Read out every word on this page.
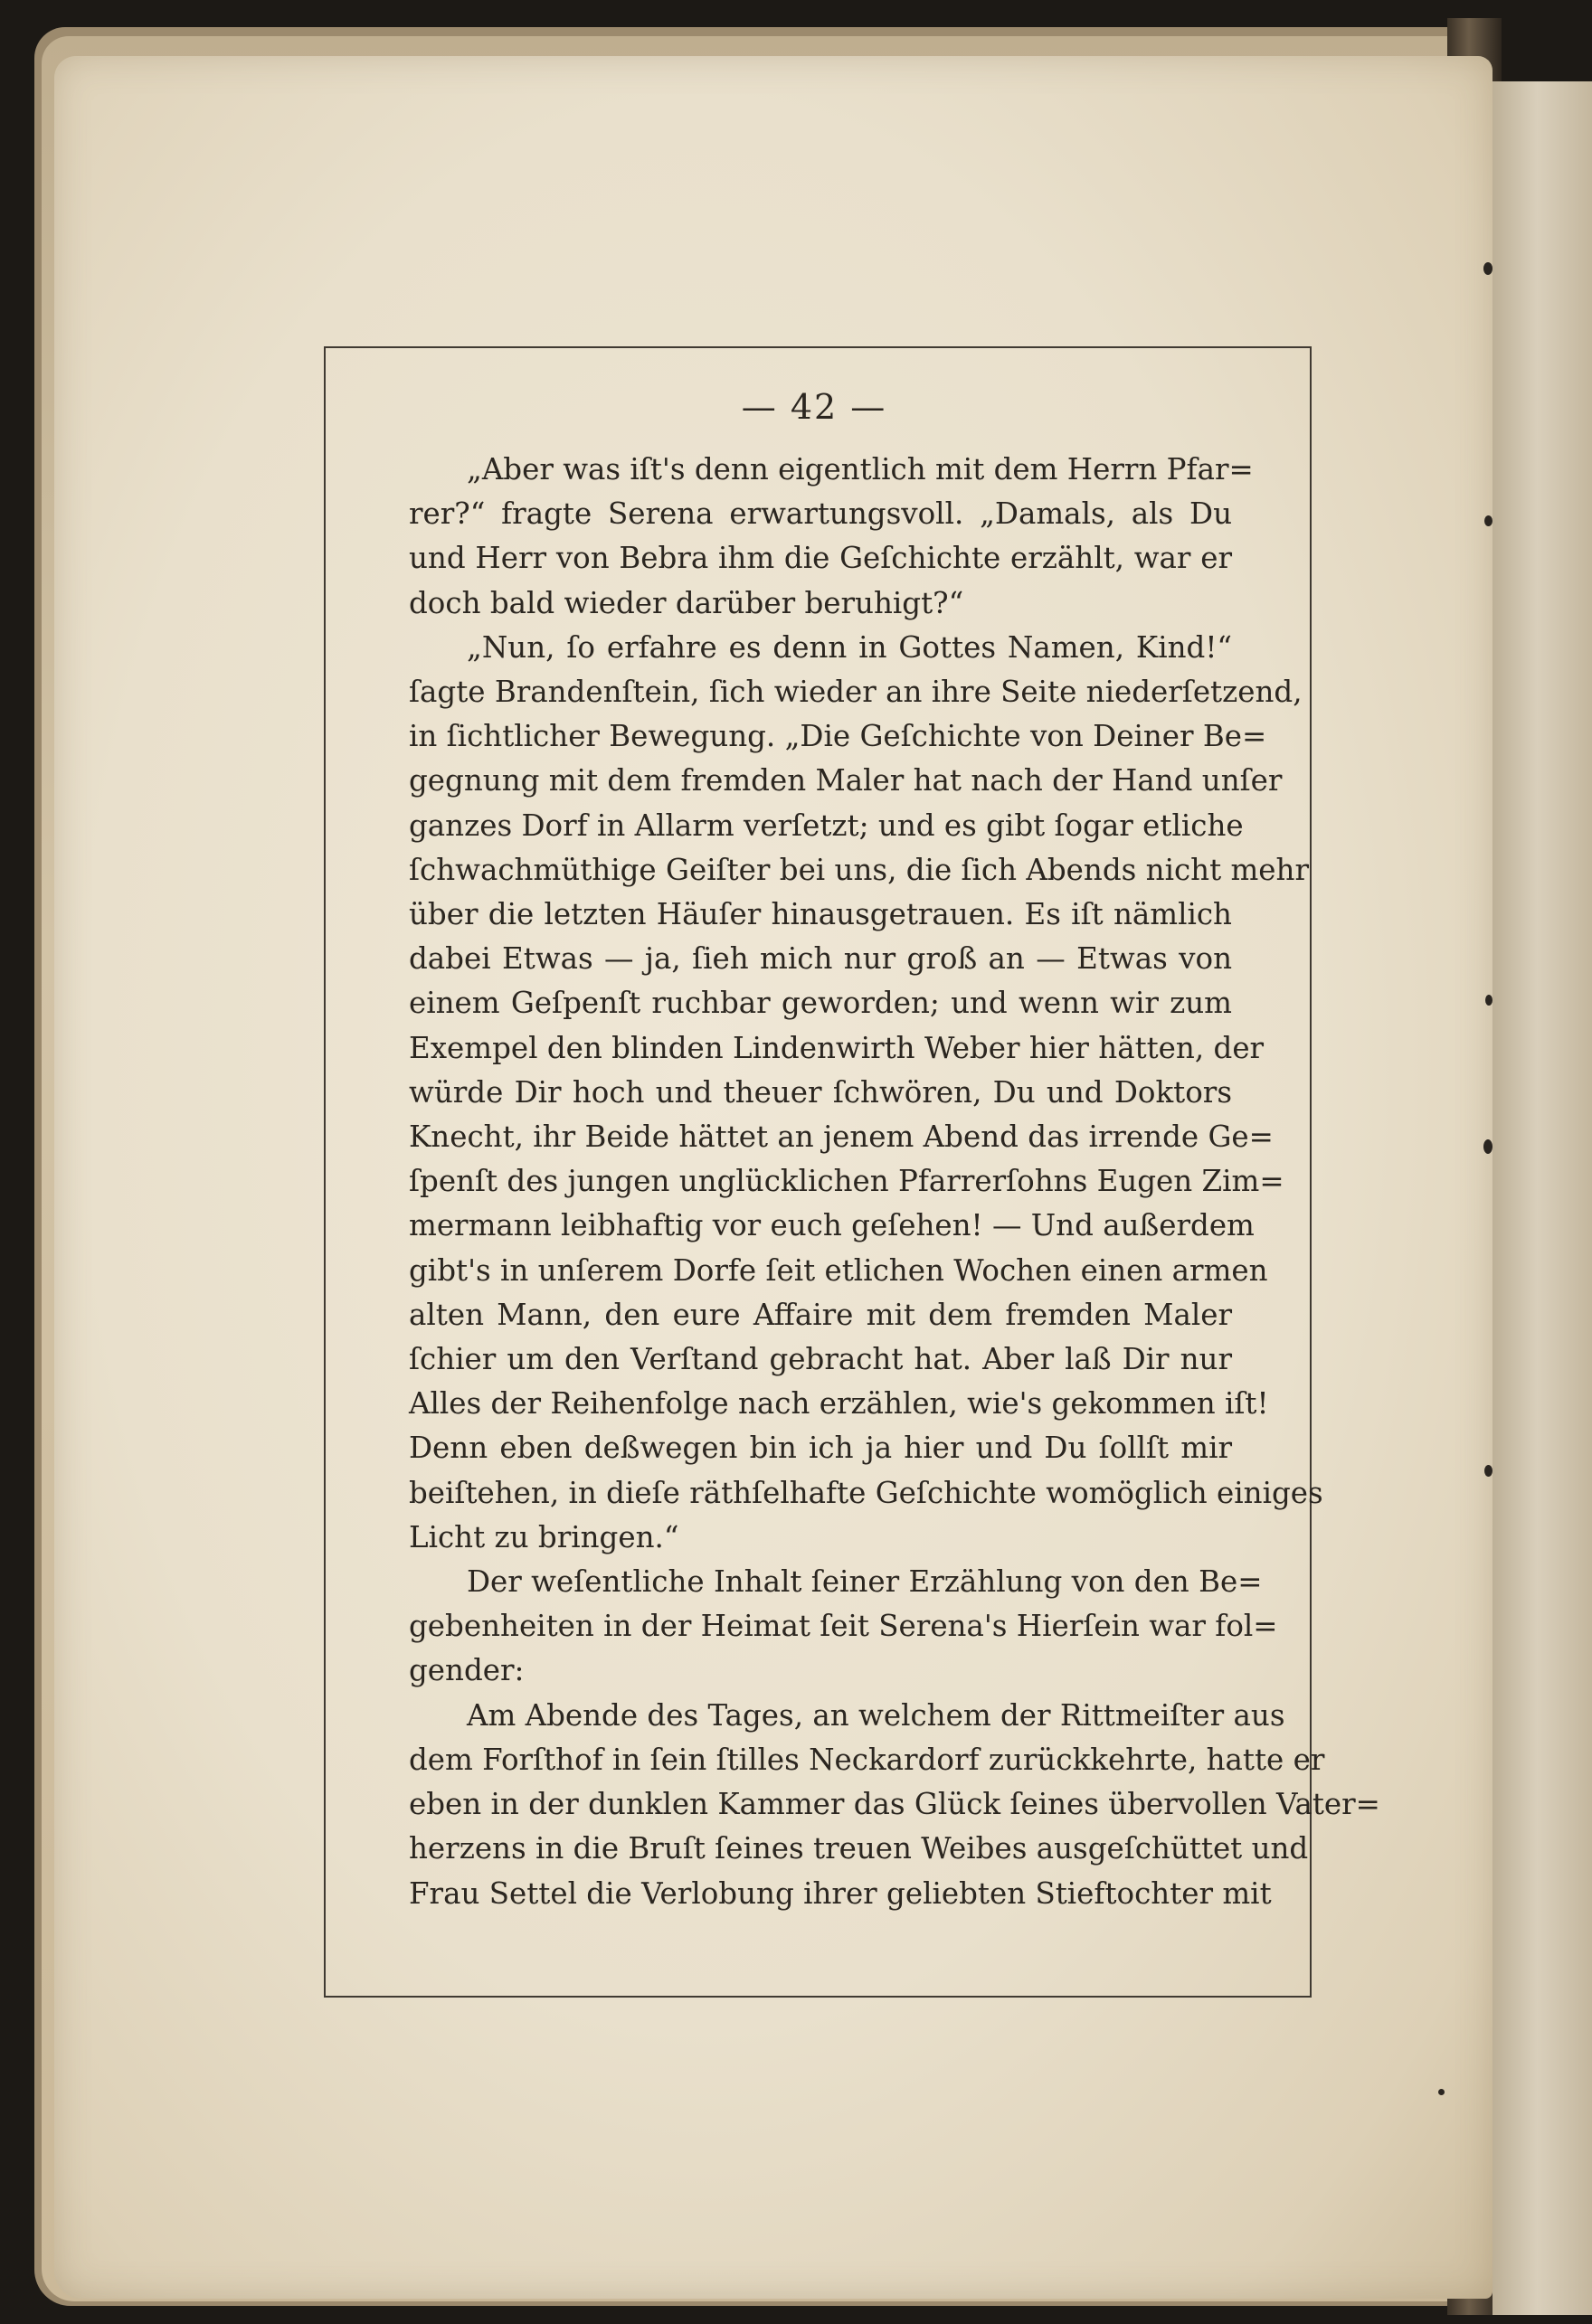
— 42 —
„Aber was iſt's denn eigentlich mit dem Herrn Pfar=
rer?“ fragte Serena erwartungsvoll. „Damals, als Du
und Herr von Bebra ihm die Geſchichte erzählt, war er
doch bald wieder darüber beruhigt?“
„Nun, ſo erfahre es denn in Gottes Namen, Kind!“
ſagte Brandenſtein, ſich wieder an ihre Seite niederſetzend,
in ſichtlicher Bewegung. „Die Geſchichte von Deiner Be=
gegnung mit dem fremden Maler hat nach der Hand unſer
ganzes Dorf in Allarm verſetzt; und es gibt ſogar etliche
ſchwachmüthige Geiſter bei uns, die ſich Abends nicht mehr
über die letzten Häuſer hinausgetrauen. Es iſt nämlich
dabei Etwas — ja, ſieh mich nur groß an — Etwas von
einem Geſpenſt ruchbar geworden; und wenn wir zum
Exempel den blinden Lindenwirth Weber hier hätten, der
würde Dir hoch und theuer ſchwören, Du und Doktors
Knecht, ihr Beide hättet an jenem Abend das irrende Ge=
ſpenſt des jungen unglücklichen Pfarrerſohns Eugen Zim=
mermann leibhaftig vor euch geſehen! — Und außerdem
gibt's in unſerem Dorfe ſeit etlichen Wochen einen armen
alten Mann, den eure Affaire mit dem fremden Maler
ſchier um den Verſtand gebracht hat. Aber laß Dir nur
Alles der Reihenfolge nach erzählen, wie's gekommen iſt!
Denn eben deßwegen bin ich ja hier und Du ſollſt mir
beiſtehen, in dieſe räthſelhafte Geſchichte womöglich einiges
Licht zu bringen.“
Der weſentliche Inhalt ſeiner Erzählung von den Be=
gebenheiten in der Heimat ſeit Serena's Hierſein war fol=
gender:
Am Abende des Tages, an welchem der Rittmeiſter aus
dem Forſthof in ſein ſtilles Neckardorf zurückkehrte, hatte er
eben in der dunklen Kammer das Glück ſeines übervollen Vater=
herzens in die Bruſt ſeines treuen Weibes ausgeſchüttet und
Frau Settel die Verlobung ihrer geliebten Stieftochter mit
